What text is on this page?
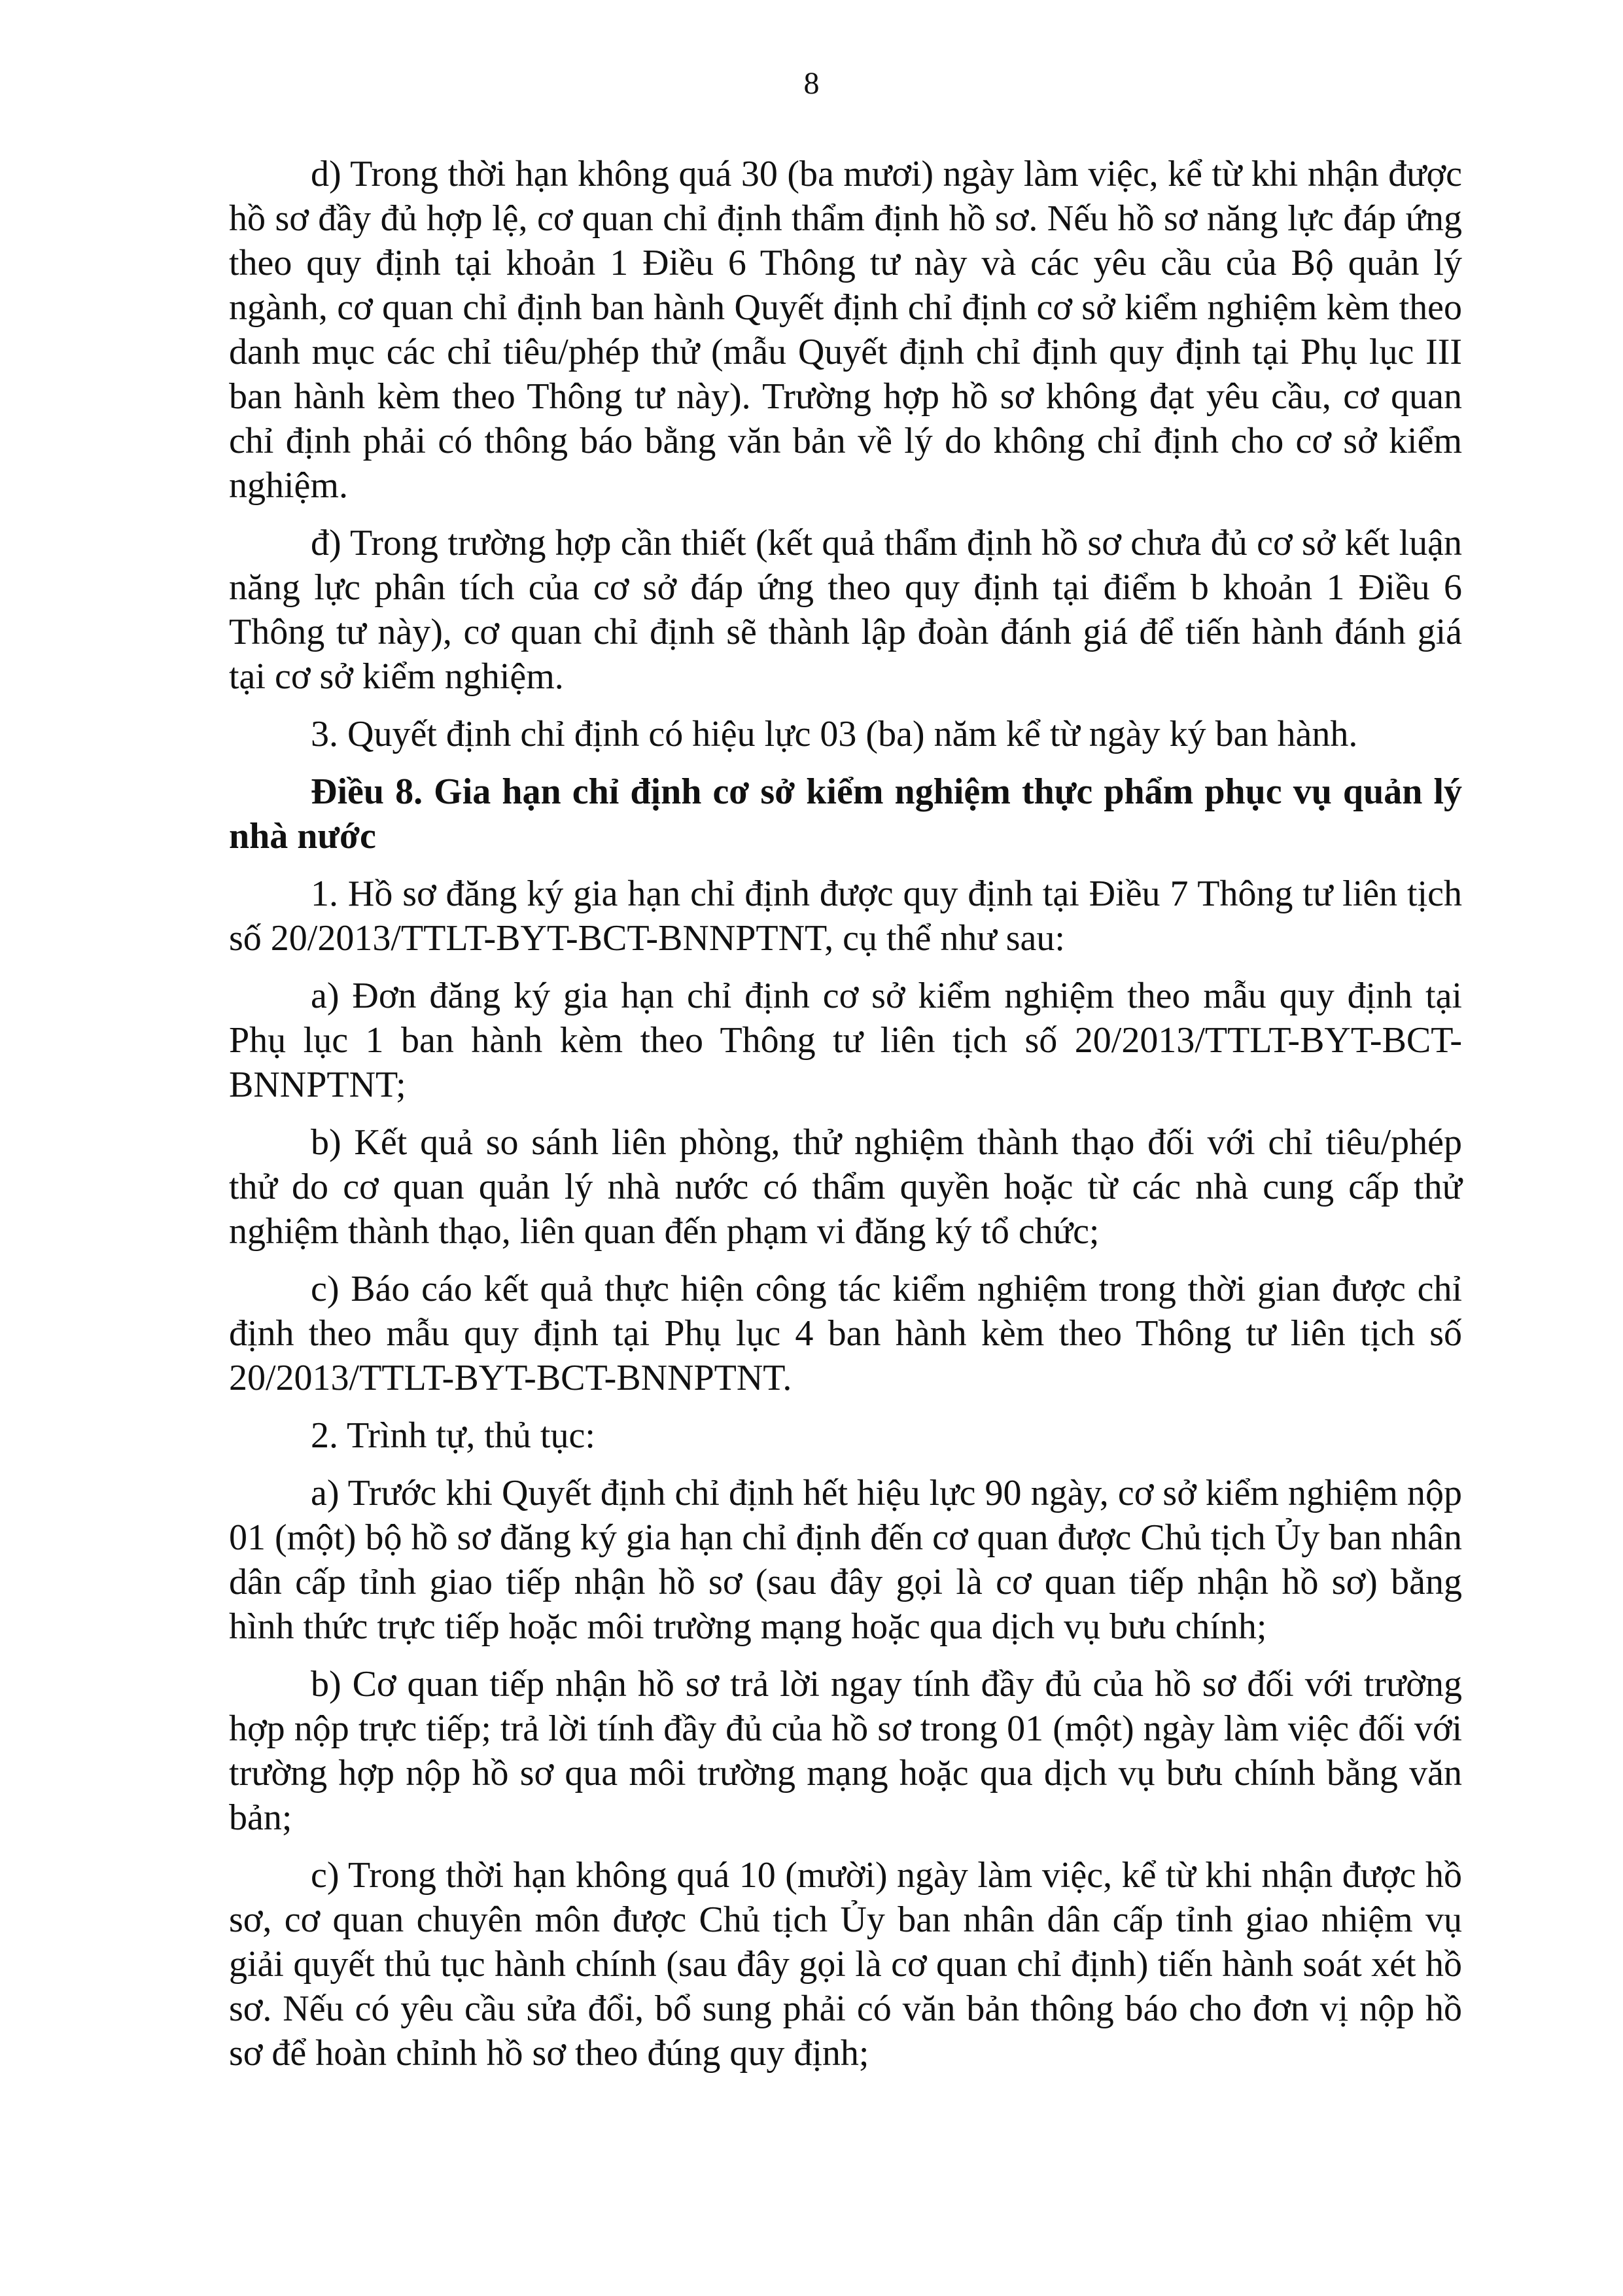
8

d) Trong thời hạn không quá 30 (ba mươi) ngày làm việc, kể từ khi nhận được hồ sơ đầy đủ hợp lệ, cơ quan chỉ định thẩm định hồ sơ. Nếu hồ sơ năng lực đáp ứng theo quy định tại khoản 1 Điều 6 Thông tư này và các yêu cầu của Bộ quản lý ngành, cơ quan chỉ định ban hành Quyết định chỉ định cơ sở kiểm nghiệm kèm theo danh mục các chỉ tiêu/phép thử (mẫu Quyết định chỉ định quy định tại Phụ lục III ban hành kèm theo Thông tư này). Trường hợp hồ sơ không đạt yêu cầu, cơ quan chỉ định phải có thông báo bằng văn bản về lý do không chỉ định cho cơ sở kiểm nghiệm.

đ) Trong trường hợp cần thiết (kết quả thẩm định hồ sơ chưa đủ cơ sở kết luận năng lực phân tích của cơ sở đáp ứng theo quy định tại điểm b khoản 1 Điều 6 Thông tư này), cơ quan chỉ định sẽ thành lập đoàn đánh giá để tiến hành đánh giá tại cơ sở kiểm nghiệm.

3. Quyết định chỉ định có hiệu lực 03 (ba) năm kể từ ngày ký ban hành.

Điều 8. Gia hạn chỉ định cơ sở kiểm nghiệm thực phẩm phục vụ quản lý nhà nước

1. Hồ sơ đăng ký gia hạn chỉ định được quy định tại Điều 7 Thông tư liên tịch số 20/2013/TTLT-BYT-BCT-BNNPTNT, cụ thể như sau:

a) Đơn đăng ký gia hạn chỉ định cơ sở kiểm nghiệm theo mẫu quy định tại Phụ lục 1 ban hành kèm theo Thông tư liên tịch số 20/2013/TTLT-BYT-BCT-BNNPTNT;

b) Kết quả so sánh liên phòng, thử nghiệm thành thạo đối với chỉ tiêu/phép thử do cơ quan quản lý nhà nước có thẩm quyền hoặc từ các nhà cung cấp thử nghiệm thành thạo, liên quan đến phạm vi đăng ký tổ chức;

c) Báo cáo kết quả thực hiện công tác kiểm nghiệm trong thời gian được chỉ định theo mẫu quy định tại Phụ lục 4 ban hành kèm theo Thông tư liên tịch số 20/2013/TTLT-BYT-BCT-BNNPTNT.

2. Trình tự, thủ tục:

a) Trước khi Quyết định chỉ định hết hiệu lực 90 ngày, cơ sở kiểm nghiệm nộp 01 (một) bộ hồ sơ đăng ký gia hạn chỉ định đến cơ quan được Chủ tịch Ủy ban nhân dân cấp tỉnh giao tiếp nhận hồ sơ (sau đây gọi là cơ quan tiếp nhận hồ sơ) bằng hình thức trực tiếp hoặc môi trường mạng hoặc qua dịch vụ bưu chính;

b) Cơ quan tiếp nhận hồ sơ trả lời ngay tính đầy đủ của hồ sơ đối với trường hợp nộp trực tiếp; trả lời tính đầy đủ của hồ sơ trong 01 (một) ngày làm việc đối với trường hợp nộp hồ sơ qua môi trường mạng hoặc qua dịch vụ bưu chính bằng văn bản;

c) Trong thời hạn không quá 10 (mười) ngày làm việc, kể từ khi nhận được hồ sơ, cơ quan chuyên môn được Chủ tịch Ủy ban nhân dân cấp tỉnh giao nhiệm vụ giải quyết thủ tục hành chính (sau đây gọi là cơ quan chỉ định) tiến hành soát xét hồ sơ. Nếu có yêu cầu sửa đổi, bổ sung phải có văn bản thông báo cho đơn vị nộp hồ sơ để hoàn chỉnh hồ sơ theo đúng quy định;
